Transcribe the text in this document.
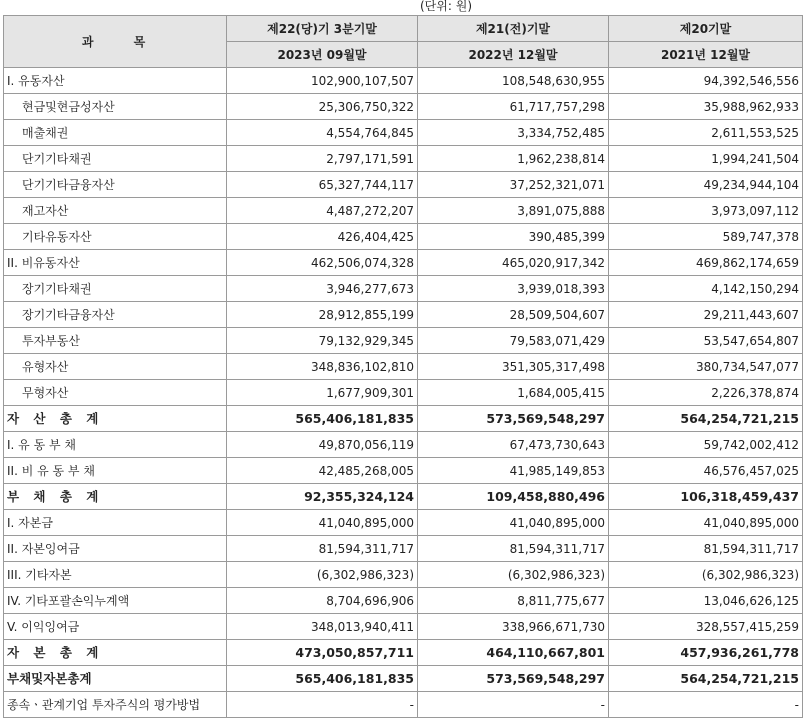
(단위: 원)
과 목	제22(당)기 3분기말	제21(전)기말	제20기말
	2023년 09월말	2022년 12월말	2021년 12월말
I. 유동자산	102,900,107,507	108,548,630,955	94,392,546,556
현금및현금성자산	25,306,750,322	61,717,757,298	35,988,962,933
매출채권	4,554,764,845	3,334,752,485	2,611,553,525
단기기타채권	2,797,171,591	1,962,238,814	1,994,241,504
단기기타금융자산	65,327,744,117	37,252,321,071	49,234,944,104
재고자산	4,487,272,207	3,891,075,888	3,973,097,112
기타유동자산	426,404,425	390,485,399	589,747,378
II. 비유동자산	462,506,074,328	465,020,917,342	469,862,174,659
장기기타채권	3,946,277,673	3,939,018,393	4,142,150,294
장기기타금융자산	28,912,855,199	28,509,504,607	29,211,443,607
투자부동산	79,132,929,345	79,583,071,429	53,547,654,807
유형자산	348,836,102,810	351,305,317,498	380,734,547,077
무형자산	1,677,909,301	1,684,005,415	2,226,378,874
자 산 총 계	565,406,181,835	573,569,548,297	564,254,721,215
I. 유 동 부 채	49,870,056,119	67,473,730,643	59,742,002,412
II. 비 유 동 부 채	42,485,268,005	41,985,149,853	46,576,457,025
부 채 총 계	92,355,324,124	109,458,880,496	106,318,459,437
I. 자본금	41,040,895,000	41,040,895,000	41,040,895,000
II. 자본잉여금	81,594,311,717	81,594,311,717	81,594,311,717
III. 기타자본	(6,302,986,323)	(6,302,986,323)	(6,302,986,323)
IV. 기타포괄손익누계액	8,704,696,906	8,811,775,677	13,046,626,125
V. 이익잉여금	348,013,940,411	338,966,671,730	328,557,415,259
자 본 총 계	473,050,857,711	464,110,667,801	457,936,261,778
부채및자본총계	565,406,181,835	573,569,548,297	564,254,721,215
종속ㆍ관계기업 투자주식의 평가방법	-	-	-
